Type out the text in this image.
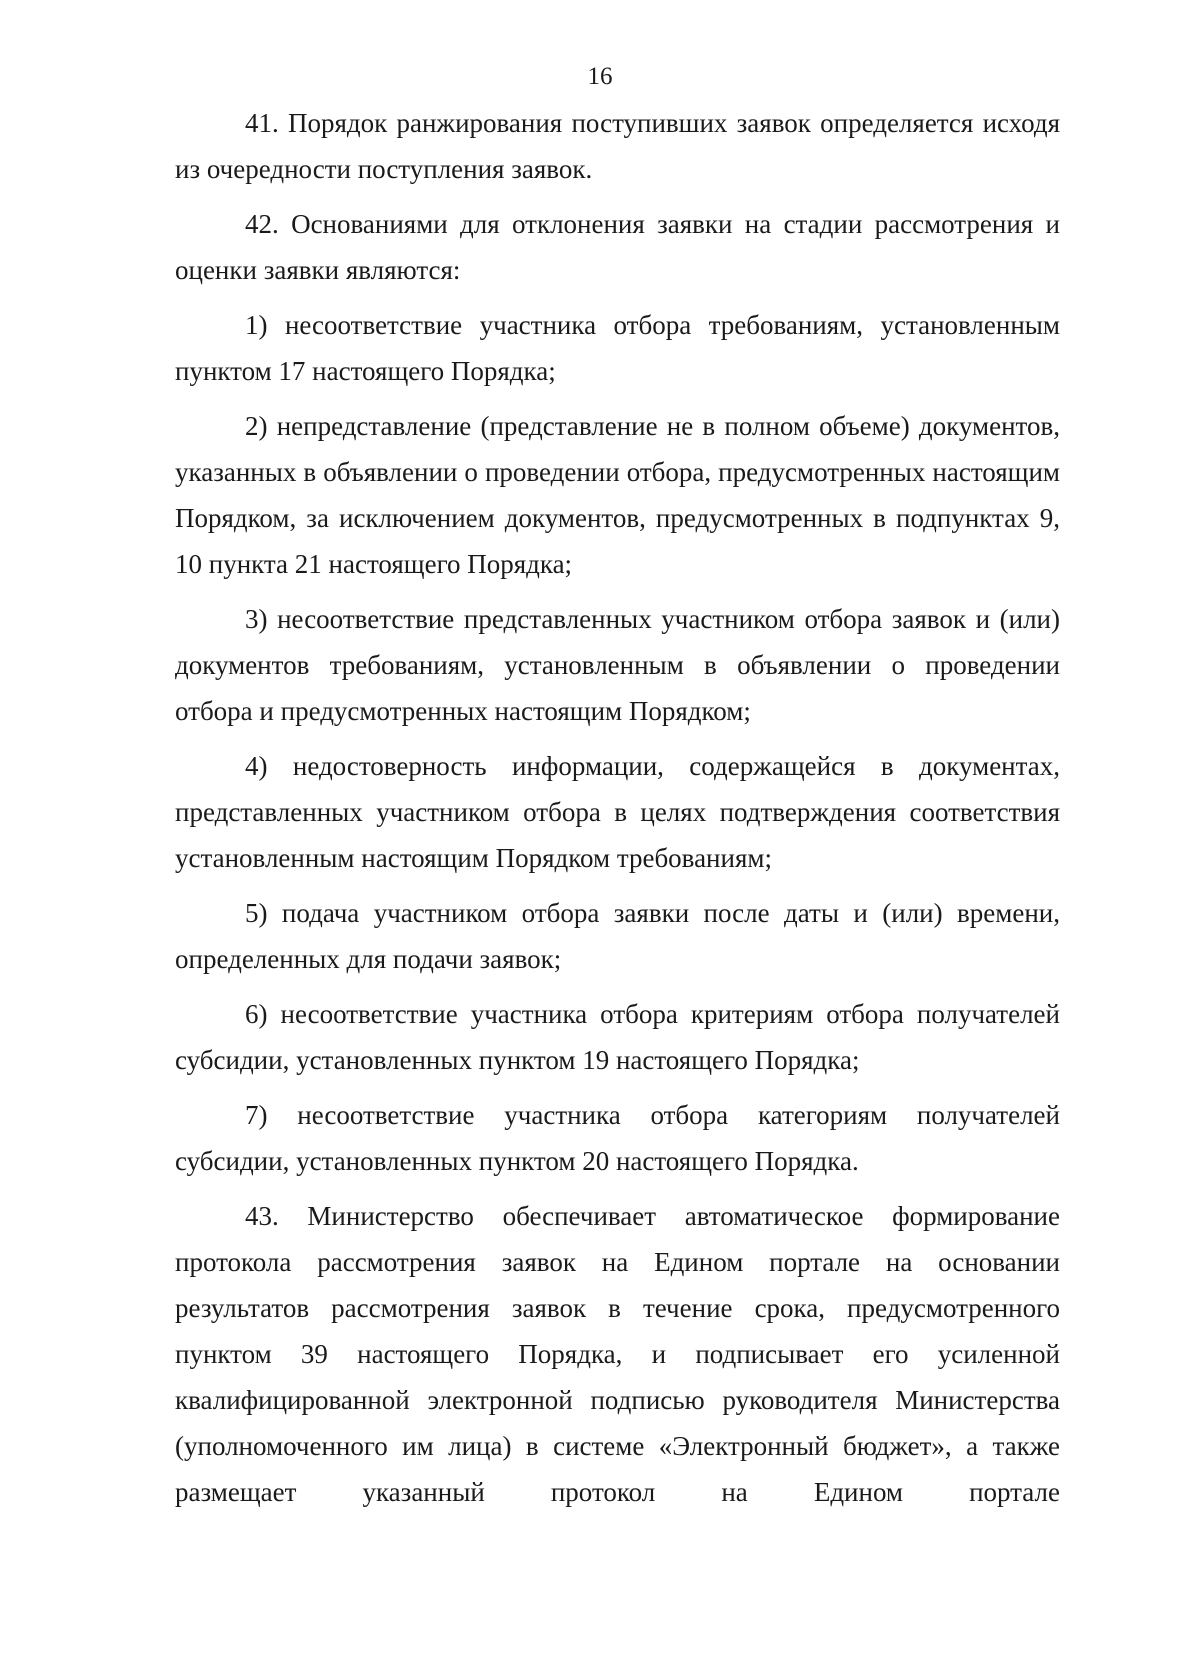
16

41. Порядок ранжирования поступивших заявок определяется исходя из очередности поступления заявок.

42. Основаниями для отклонения заявки на стадии рассмотрения и оценки заявки являются:

1) несоответствие участника отбора требованиям, установленным пунктом 17 настоящего Порядка;

2) непредставление (представление не в полном объеме) документов, указанных в объявлении о проведении отбора, предусмотренных настоящим Порядком, за исключением документов, предусмотренных в подпунктах 9, 10 пункта 21 настоящего Порядка;

3) несоответствие представленных участником отбора заявок и (или) документов требованиям, установленным в объявлении о проведении отбора и предусмотренных настоящим Порядком;

4) недостоверность информации, содержащейся в документах, представленных участником отбора в целях подтверждения соответствия установленным настоящим Порядком требованиям;

5) подача участником отбора заявки после даты и (или) времени, определенных для подачи заявок;

6) несоответствие участника отбора критериям отбора получателей субсидии, установленных пунктом 19 настоящего Порядка;

7) несоответствие участника отбора категориям получателей субсидии, установленных пунктом 20 настоящего Порядка.

43. Министерство обеспечивает автоматическое формирование протокола рассмотрения заявок на Едином портале на основании результатов рассмотрения заявок в течение срока, предусмотренного пунктом 39 настоящего Порядка, и подписывает его усиленной квалифицированной электронной подписью руководителя Министерства (уполномоченного им лица) в системе «Электронный бюджет», а также размещает указанный протокол на Едином портале
